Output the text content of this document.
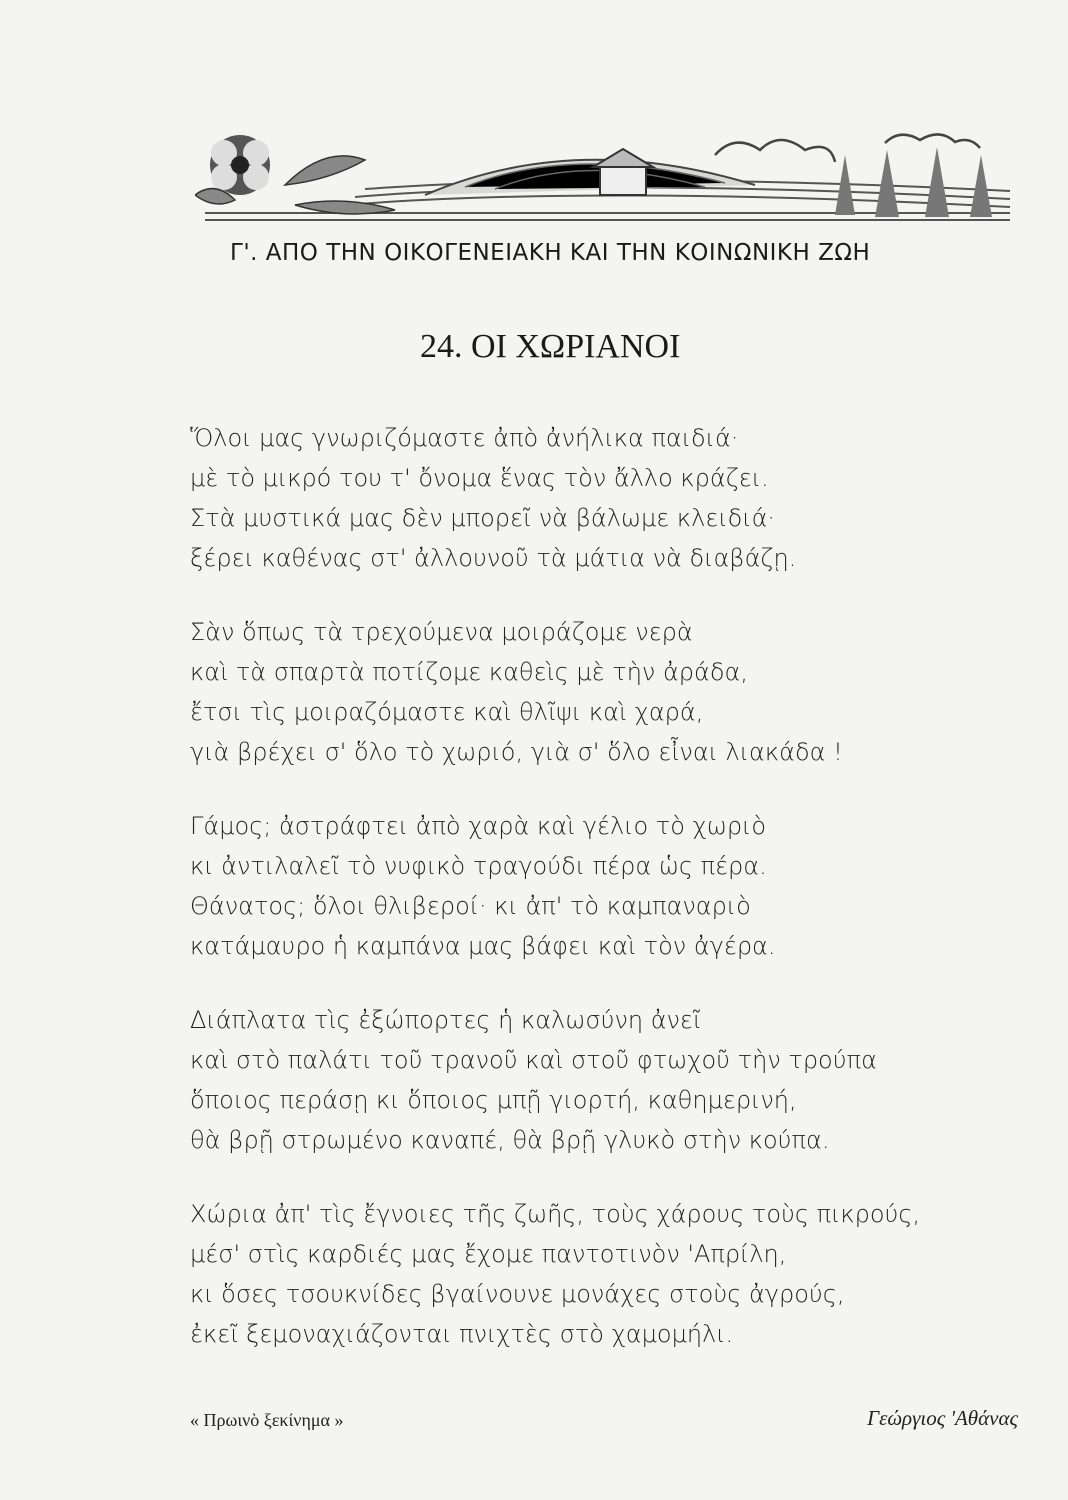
Γ'. ΑΠΟ ΤΗΝ ΟΙΚΟΓΕΝΕΙΑΚΗ ΚΑΙ ΤΗΝ ΚΟΙΝΩΝΙΚΗ ΖΩΗ
24. ΟΙ ΧΩΡΙΑΝΟΙ
Ὅλοι μας γνωριζόμαστε ἀπὸ ἀνήλικα παιδιά·
μὲ τὸ μικρό του τ' ὄνομα ἕνας τὸν ἄλλο κράζει.
Στὰ μυστικά μας δὲν μπορεῖ νὰ βάλωμε κλειδιά·
ξέρει καθένας στ' ἀλλουνοῦ τὰ μάτια νὰ διαβάζῃ.
Σὰν ὅπως τὰ τρεχούμενα μοιράζομε νερὰ
καὶ τὰ σπαρτὰ ποτίζομε καθεὶς μὲ τὴν ἀράδα,
ἔτσι τὶς μοιραζόμαστε καὶ θλῖψι καὶ χαρά,
γιὰ βρέχει σ' ὅλο τὸ χωριό, γιὰ σ' ὅλο εἶναι λιακάδα !
Γάμος; ἀστράφτει ἀπὸ χαρὰ καὶ γέλιο τὸ χωριὸ
κι ἀντιλαλεῖ τὸ νυφικὸ τραγούδι πέρα ὡς πέρα.
Θάνατος; ὅλοι θλιβεροί· κι ἀπ' τὸ καμπαναριὸ
κατάμαυρο ἡ καμπάνα μας βάφει καὶ τὸν ἀγέρα.
Διάπλατα τὶς ἐξώπορτες ἡ καλωσύνη ἀνεῖ
καὶ στὸ παλάτι τοῦ τρανοῦ καὶ στοῦ φτωχοῦ τὴν τρούπα
ὅποιος περάσῃ κι ὅποιος μπῇ γιορτή, καθημερινή,
θὰ βρῇ στρωμένο καναπέ, θὰ βρῇ γλυκὸ στὴν κούπα.
Χώρια ἀπ' τὶς ἔγνοιες τῆς ζωῆς, τοὺς χάρους τοὺς πικρούς,
μέσ' στὶς καρδιές μας ἔχομε παντοτινὸν 'Απρίλη,
κι ὅσες τσουκνίδες βγαίνουνε μονάχες στοὺς ἀγρούς,
ἐκεῖ ξεμοναχιάζονται πνιχτὲς στὸ χαμομήλι.
« Πρωινὸ ξεκίνημα »	Γεώργιος 'Αθάνας
